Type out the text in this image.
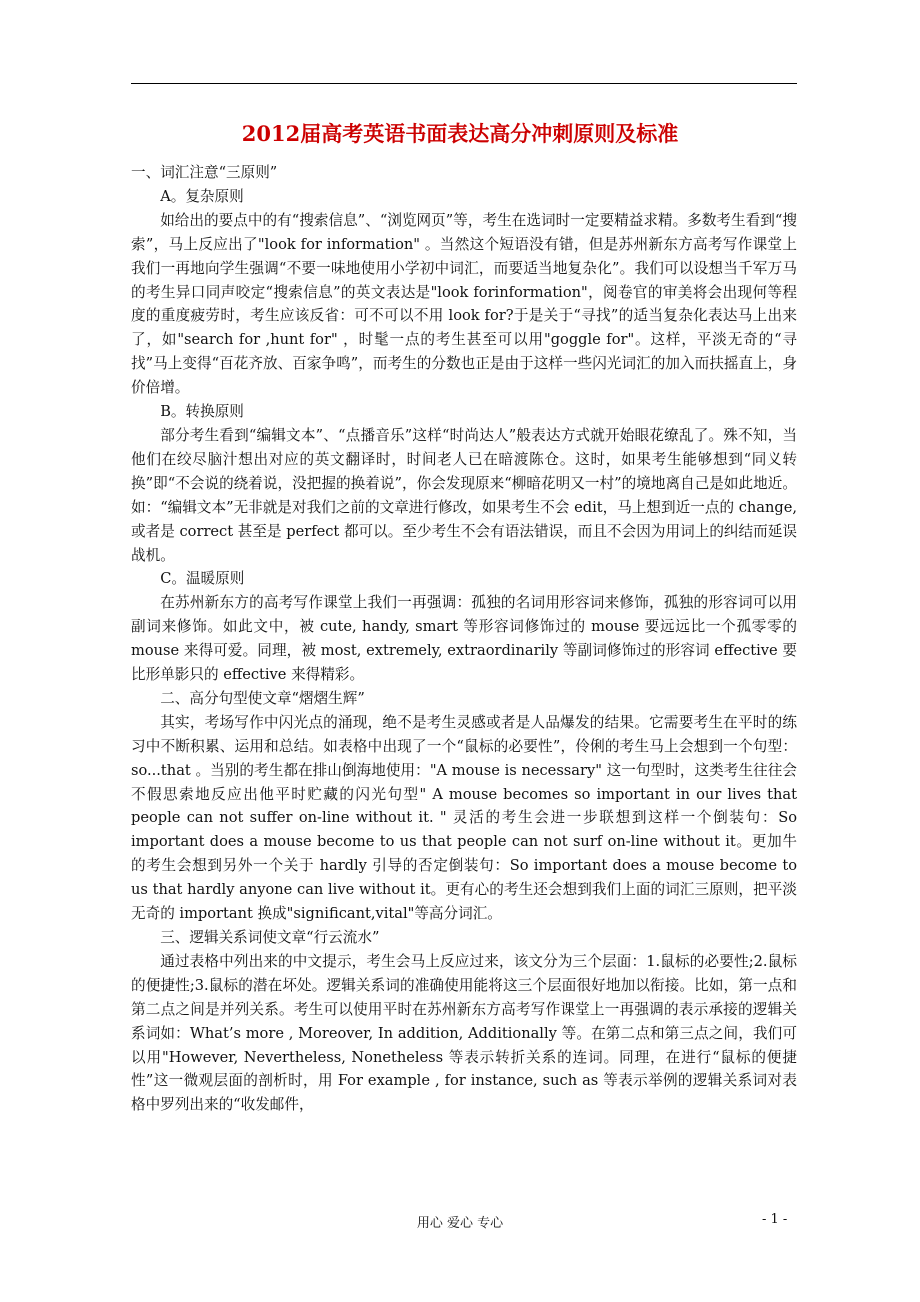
2012届高考英语书面表达高分冲刺原则及标准

一、词汇注意“三原则”

A。复杂原则

如给出的要点中的有“搜索信息”、“浏览网页”等，考生在选词时一定要精益求精。多数考生看到“搜索”，马上反应出了"look for information" 。当然这个短语没有错，但是苏州新东方高考写作课堂上我们一再地向学生强调“不要一味地使用小学初中词汇，而要适当地复杂化”。我们可以设想当千军万马的考生异口同声咬定“搜索信息”的英文表达是"look forinformation"，阅卷官的审美将会出现何等程度的重度疲劳时，考生应该反省：可不可以不用 look for?于是关于“寻找”的适当复杂化表达马上出来了，如"search for ,hunt for" ，时髦一点的考生甚至可以用"goggle for"。这样，平淡无奇的“寻找”马上变得“百花齐放、百家争鸣”，而考生的分数也正是由于这样一些闪光词汇的加入而扶摇直上，身价倍增。

B。转换原则

部分考生看到“编辑文本”、“点播音乐”这样“时尚达人”般表达方式就开始眼花缭乱了。殊不知，当他们在绞尽脑汁想出对应的英文翻译时，时间老人已在暗渡陈仓。这时，如果考生能够想到“同义转换”即“不会说的绕着说，没把握的换着说”，你会发现原来“柳暗花明又一村”的境地离自己是如此地近。如：“编辑文本”无非就是对我们之前的文章进行修改，如果考生不会 edit，马上想到近一点的 change,或者是 correct 甚至是 perfect 都可以。至少考生不会有语法错误，而且不会因为用词上的纠结而延误战机。

C。温暖原则

在苏州新东方的高考写作课堂上我们一再强调：孤独的名词用形容词来修饰，孤独的形容词可以用副词来修饰。如此文中，被 cute, handy, smart 等形容词修饰过的 mouse 要远远比一个孤零零的 mouse 来得可爱。同理，被 most, extremely, extraordinarily 等副词修饰过的形容词 effective 要比形单影只的 effective 来得精彩。

二、高分句型使文章“熠熠生辉”

其实，考场写作中闪光点的涌现，绝不是考生灵感或者是人品爆发的结果。它需要考生在平时的练习中不断积累、运用和总结。如表格中出现了一个“鼠标的必要性”，伶俐的考生马上会想到一个句型：so...that 。当别的考生都在排山倒海地使用："A mouse is necessary" 这一句型时，这类考生往往会不假思索地反应出他平时贮藏的闪光句型" A mouse becomes so important in our lives that people can not suffer on-line without it. " 灵活的考生会进一步联想到这样一个倒装句：So important does a mouse become to us that people can not surf on-line without it。更加牛的考生会想到另外一个关于 hardly 引导的否定倒装句：So important does a mouse become to us that hardly anyone can live without it。更有心的考生还会想到我们上面的词汇三原则，把平淡无奇的 important 换成"significant,vital"等高分词汇。

三、逻辑关系词使文章“行云流水”

通过表格中列出来的中文提示，考生会马上反应过来，该文分为三个层面：1.鼠标的必要性;2.鼠标的便捷性;3.鼠标的潜在坏处。逻辑关系词的准确使用能将这三个层面很好地加以衔接。比如，第一点和第二点之间是并列关系。考生可以使用平时在苏州新东方高考写作课堂上一再强调的表示承接的逻辑关系词如：What’s more , Moreover, In addition, Additionally 等。在第二点和第三点之间，我们可以用"However, Nevertheless, Nonetheless 等表示转折关系的连词。同理，在进行“鼠标的便捷性”这一微观层面的剖析时，用 For example , for instance, such as 等表示举例的逻辑关系词对表格中罗列出来的“收发邮件，

用心 爱心 专心	- 1 -
